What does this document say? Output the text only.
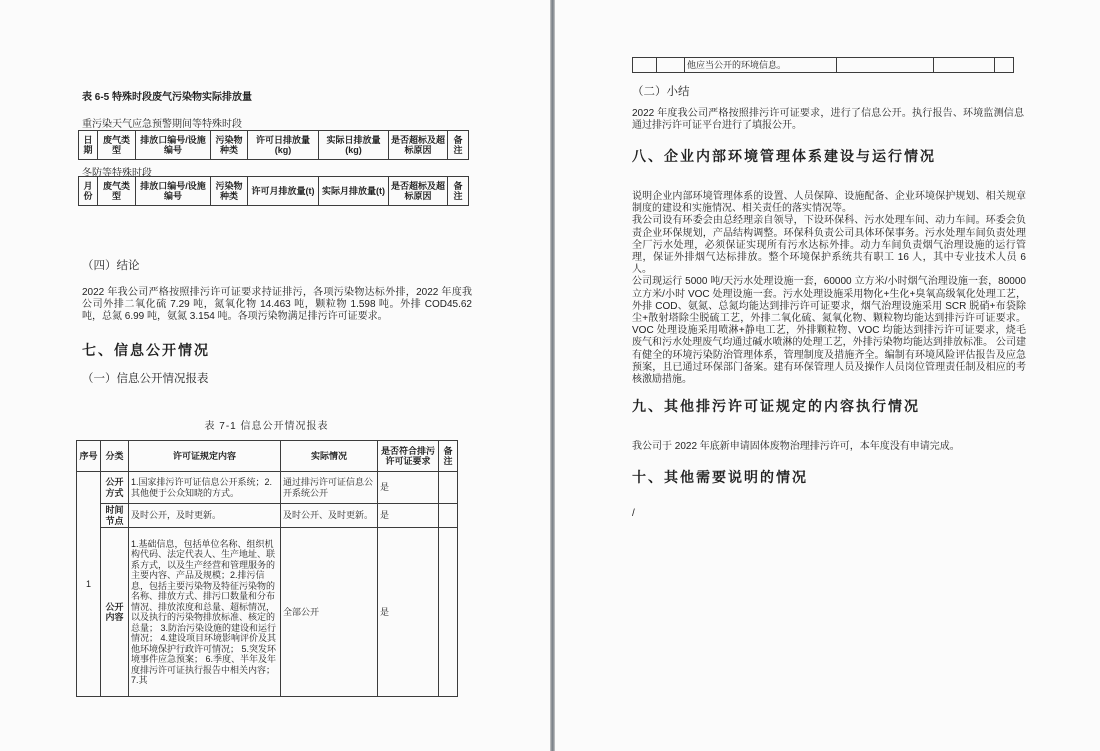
表 6-5 特殊时段废气污染物实际排放量
重污染天气应急预警期间等特殊时段
日期	废气类型	排放口编号/设施编号	污染物种类	许可日排放量(kg)	实际日排放量(kg)	是否超标及超标原因	备注
冬防等特殊时段
月份	废气类型	排放口编号/设施编号	污染物种类	许可月排放量(t)	实际月排放量(t)	是否超标及超标原因	备注
（四）结论

2022 年我公司严格按照排污许可证要求持证排污，各项污染物达标外排，2022 年度我公司外排二氧化硫 7.29 吨，氮氧化物 14.463 吨，颗粒物 1.598 吨。外排 COD45.62 吨，总氮 6.99 吨，氨氮 3.154 吨。各项污染物满足排污许可证要求。

七、信息公开情况
（一）信息公开情况报表
表 7-1 信息公开情况报表
序号	分类	许可证规定内容	实际情况	是否符合排污许可证要求	备注
1	公开方式	1.国家排污许可证信息公开系统；2.其他便于公众知晓的方式。	通过排污许可证信息公开系统公开	是	
	时间节点	及时公开，及时更新。	及时公开、及时更新。	是	
	公开内容	1.基础信息，包括单位名称、组织机构代码、法定代表人、生产地址、联系方式，以及生产经营和管理服务的主要内容、产品及规模；2.排污信息，包括主要污染物及特征污染物的名称、排放方式、排污口数量和分布情况、排放浓度和总量、超标情况，以及执行的污染物排放标准、核定的总量； 3.防治污染设施的建设和运行情况； 4.建设项目环境影响评价及其他环境保护行政许可情况； 5.突发环境事件应急预案； 6.季度、半年及年度排污许可证执行报告中相关内容； 7.其	全部公开	是	
		他应当公开的环境信息。			
（二）小结

2022 年度我公司严格按照排污许可证要求，进行了信息公开。执行报告、环境监测信息通过排污许可证平台进行了填报公开。

八、企业内部环境管理体系建设与运行情况

说明企业内部环境管理体系的设置、人员保障、设施配备、企业环境保护规划、相关规章制度的建设和实施情况、相关责任的落实情况等。

我公司设有环委会由总经理亲自领导，下设环保科、污水处理车间、动力车间。环委会负责企业环保规划，产品结构调整。环保科负责公司具体环保事务。污水处理车间负责处理全厂污水处理，必须保证实现所有污水达标外排。动力车间负责烟气治理设施的运行管理，保证外排烟气达标排放。整个环境保护系统共有职工 16 人，其中专业技术人员 6 人。

公司现运行 5000 吨/天污水处理设施一套，60000 立方米/小时烟气治理设施一套，80000 立方米/小时 VOC 处理设施一套。污水处理设施采用物化+生化+臭氧高级氧化处理工艺，外排 COD、氨氮、总氮均能达到排污许可证要求，烟气治理设施采用 SCR 脱硝+布袋除尘+散射塔除尘脱硫工艺，外排二氧化硫、氮氧化物、颗粒物均能达到排污许可证要求。VOC 处理设施采用喷淋+静电工艺，外排颗粒物、VOC 均能达到排污许可证要求，烧毛废气和污水处理废气均通过碱水喷淋的处理工艺，外排污染物均能达到排放标准。 公司建有健全的环境污染防治管理体系，管理制度及措施齐全。编制有环境风险评估报告及应急预案，且已通过环保部门备案。建有环保管理人员及操作人员岗位管理责任制及相应的考核激励措施。

九、其他排污许可证规定的内容执行情况

我公司于 2022 年底新申请固体废物治理排污许可，本年度没有申请完成。

十、其他需要说明的情况

/
